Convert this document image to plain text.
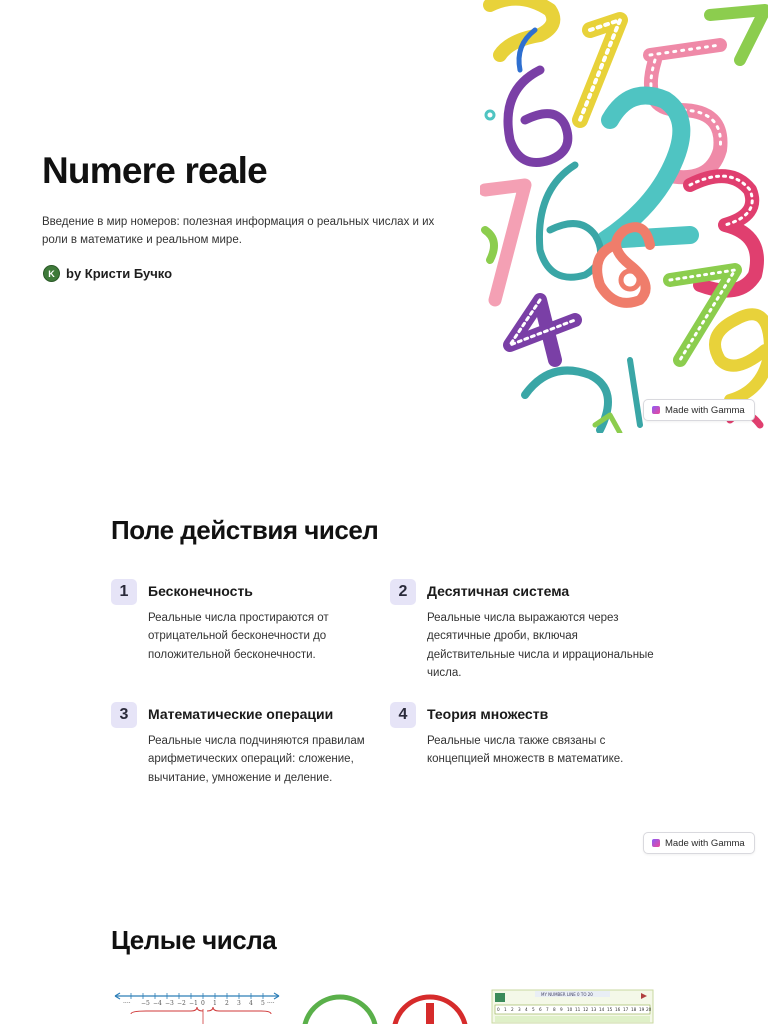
Numere reale

Введение в мир номеров: полезная информация о реальных числах и их роли в математике и реальном мире.

K by Кристи Бучко
Made with Gamma
Поле действия чисел
1	Бесконечность
Реальные числа простираются от отрицательной бесконечности до положительной бесконечности.
2	Десятичная система
Реальные числа выражаются через десятичные дроби, включая действительные числа и иррациональные числа.
3	Математические операции
Реальные числа подчиняются правилам арифметических операций: сложение, вычитание, умножение и деление.
4	Теория множеств
Реальные числа также связаны с концепцией множеств в математике.
Made with Gamma
Целые числа
···· −5 −4 −3 −2 −1 0 1 2 3 4 5 ····
MY NUMBER LINE 0 TO 20
0 1 2 3 4 5 6 7 8 9 10 11 12 13 14 15 16 17 18 19 20
